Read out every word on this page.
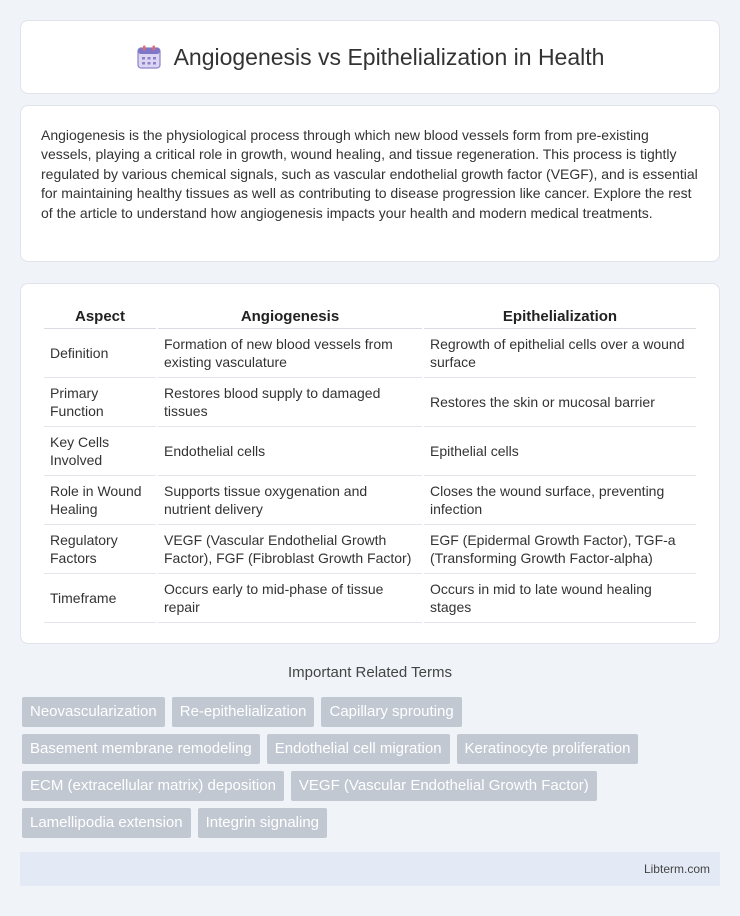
Angiogenesis vs Epithelialization in Health

Angiogenesis is the physiological process through which new blood vessels form from pre-existing vessels, playing a critical role in growth, wound healing, and tissue regeneration. This process is tightly regulated by various chemical signals, such as vascular endothelial growth factor (VEGF), and is essential for maintaining healthy tissues as well as contributing to disease progression like cancer. Explore the rest of the article to understand how angiogenesis impacts your health and modern medical treatments.

Aspect	Angiogenesis	Epithelialization
Definition	Formation of new blood vessels from existing vasculature	Regrowth of epithelial cells over a wound surface
Primary Function	Restores blood supply to damaged tissues	Restores the skin or mucosal barrier
Key Cells Involved	Endothelial cells	Epithelial cells
Role in Wound Healing	Supports tissue oxygenation and nutrient delivery	Closes the wound surface, preventing infection
Regulatory Factors	VEGF (Vascular Endothelial Growth Factor), FGF (Fibroblast Growth Factor)	EGF (Epidermal Growth Factor), TGF-a (Transforming Growth Factor-alpha)
Timeframe	Occurs early to mid-phase of tissue repair	Occurs in mid to late wound healing stages
Important Related Terms
Neovascularization	Re-epithelialization	Capillary sprouting
Basement membrane remodeling	Endothelial cell migration	Keratinocyte proliferation
ECM (extracellular matrix) deposition	VEGF (Vascular Endothelial Growth Factor)
Lamellipodia extension	Integrin signaling
Libterm.com
